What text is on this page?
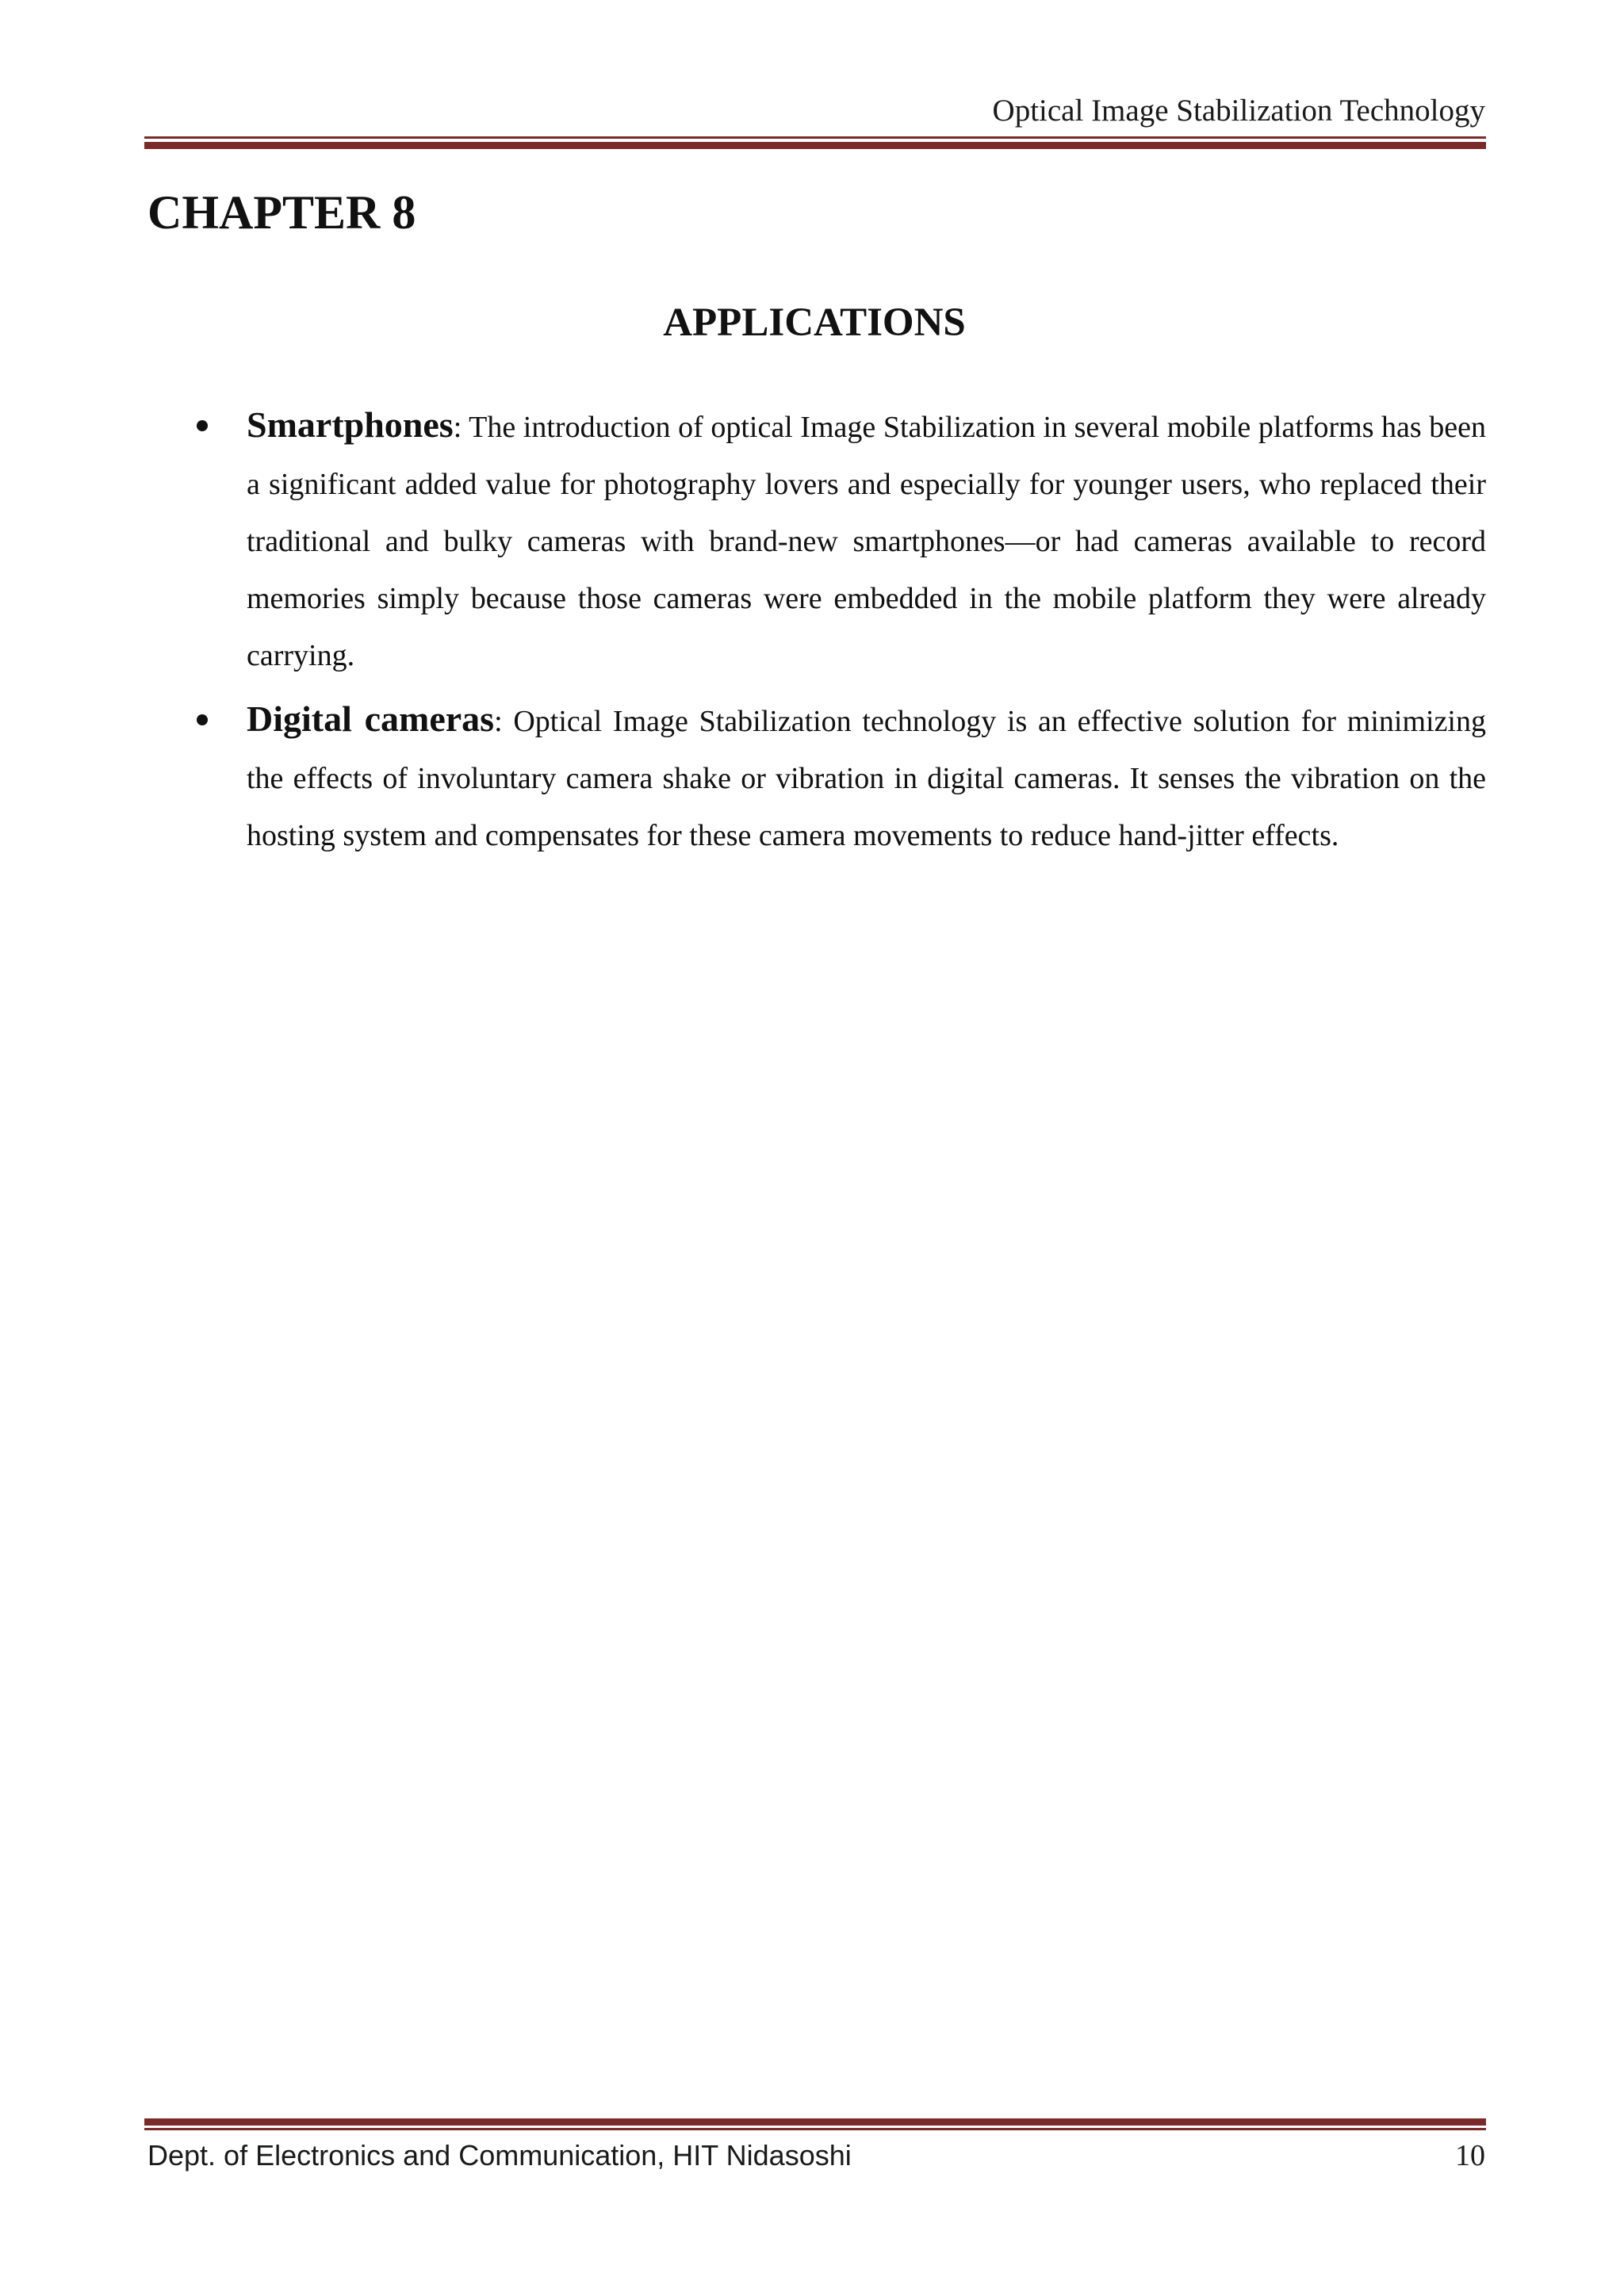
Optical Image Stabilization Technology
CHAPTER 8
APPLICATIONS
Smartphones: The introduction of optical Image Stabilization in several mobile platforms has been a significant added value for photography lovers and especially for younger users, who replaced their traditional and bulky cameras with brand-new smartphones—or had cameras available to record memories simply because those cameras were embedded in the mobile platform they were already carrying.
Digital cameras: Optical Image Stabilization technology is an effective solution for minimizing the effects of involuntary camera shake or vibration in digital cameras. It senses the vibration on the hosting system and compensates for these camera movements to reduce hand-jitter effects.
Dept. of Electronics and Communication, HIT Nidasoshi	10
